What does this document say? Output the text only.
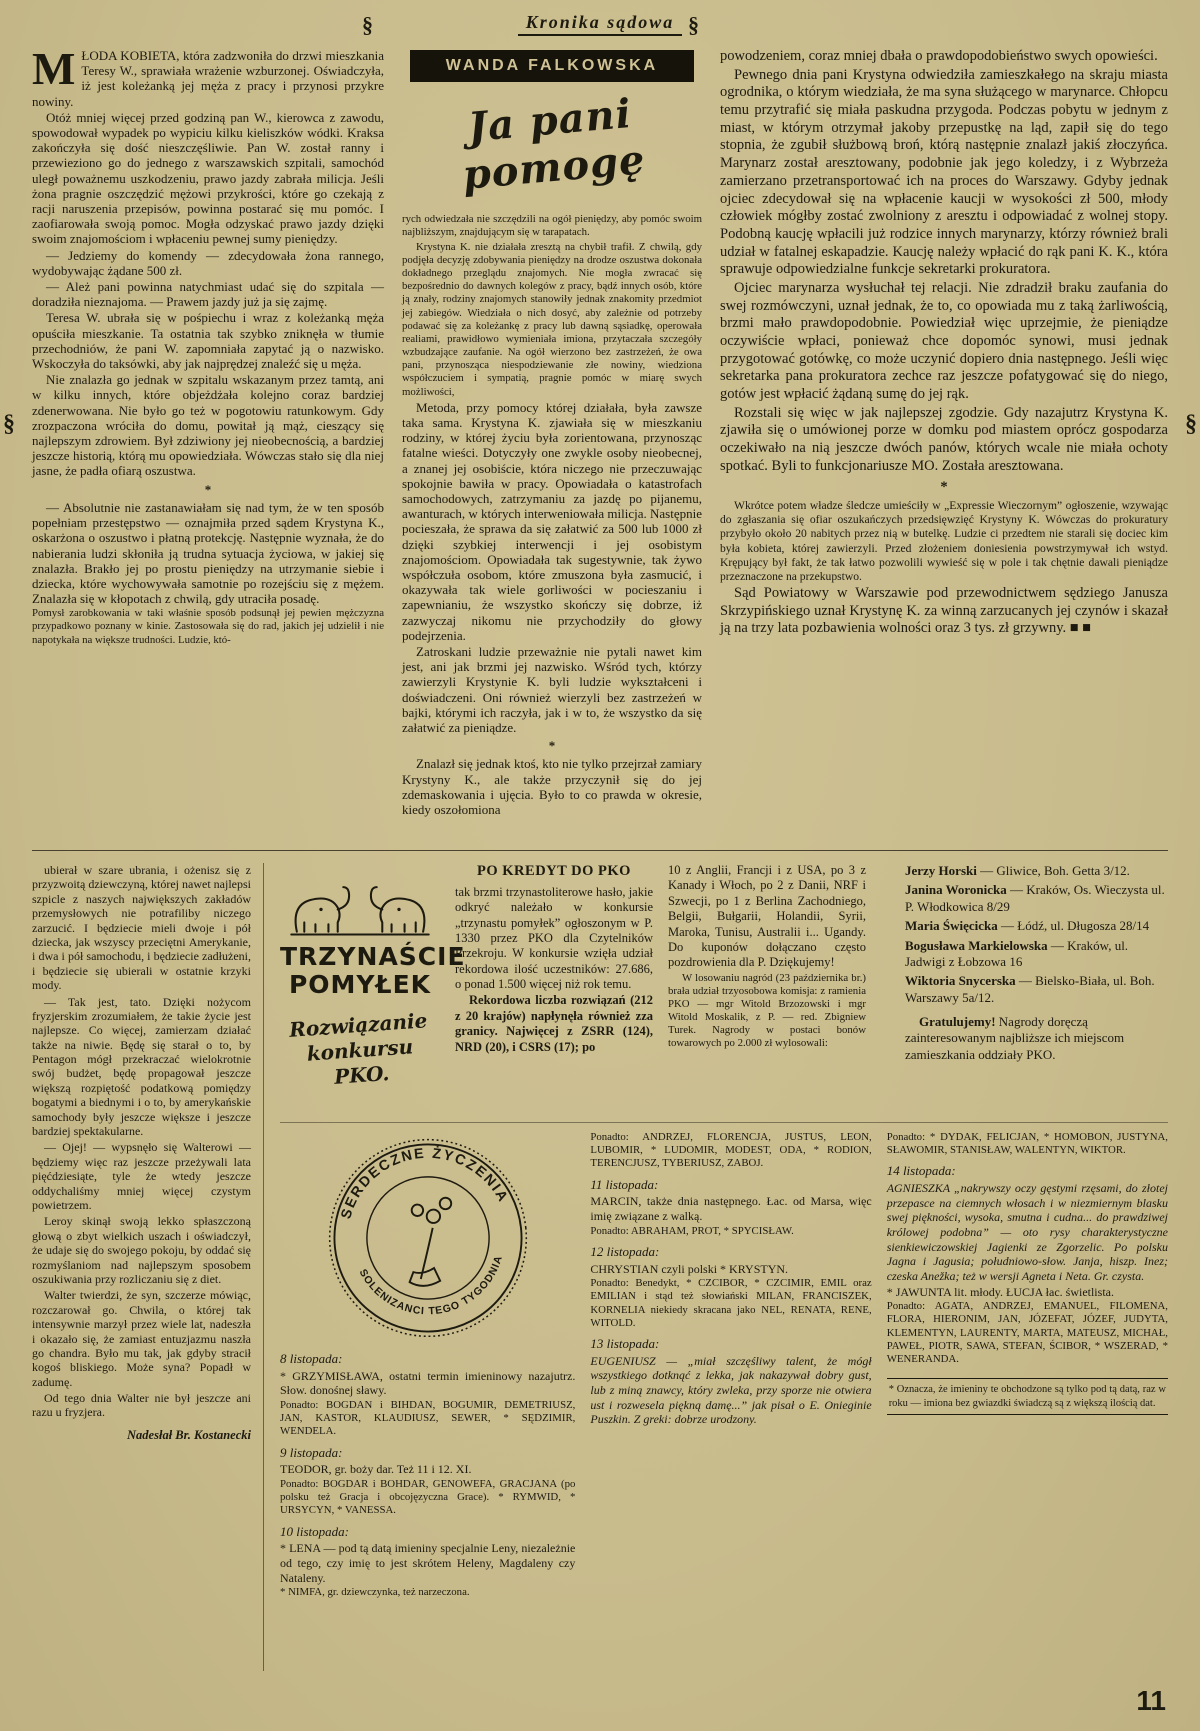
§	Kronika sądowa §
§	§

MŁODA KOBIETA, która zadzwoniła do drzwi mieszkania Teresy W., sprawiała wrażenie wzburzonej. Oświadczyła, iż jest koleżanką jej męża z pracy i przynosi przykre nowiny.

Otóż mniej więcej przed godziną pan W., kierowca z zawodu, spowodował wypadek po wypiciu kilku kieliszków wódki. Kraksa zakończyła się dość nieszczęśliwie. Pan W. został ranny i przewieziono go do jednego z warszawskich szpitali, samochód uległ poważnemu uszkodzeniu, prawo jazdy zabrała milicja. Jeśli żona pragnie oszczędzić mężowi przykrości, które go czekają z racji naruszenia przepisów, powinna postarać się mu pomóc. I zaofiarowała swoją pomoc. Mogła odzyskać prawo jazdy dzięki swoim znajomościom i wpłaceniu pewnej sumy pieniędzy.

— Jedziemy do komendy — zdecydowała żona rannego, wydobywając żądane 500 zł.

— Ależ pani powinna natychmiast udać się do szpitala — doradziła nieznajoma. — Prawem jazdy już ja się zajmę.

Teresa W. ubrała się w pośpiechu i wraz z koleżanką męża opuściła mieszkanie. Ta ostatnia tak szybko zniknęła w tłumie przechodniów, że pani W. zapomniała zapytać ją o nazwisko. Wskoczyła do taksówki, aby jak najprędzej znaleźć się u męża.

Nie znalazła go jednak w szpitalu wskazanym przez tamtą, ani w kilku innych, które objeżdżała kolejno coraz bardziej zdenerwowana. Nie było go też w pogotowiu ratunkowym. Gdy zrozpaczona wróciła do domu, powitał ją mąż, cieszący się najlepszym zdrowiem. Był zdziwiony jej nieobecnością, a bardziej jeszcze historią, którą mu opowiedziała. Wówczas stało się dla niej jasne, że padła ofiarą oszustwa.

*

— Absolutnie nie zastanawiałam się nad tym, że w ten sposób popełniam przestępstwo — oznajmiła przed sądem Krystyna K., oskarżona o oszustwo i płatną protekcję. Następnie wyznała, że do nabierania ludzi skłoniła ją trudna sytuacja życiowa, w jakiej się znalazła. Brakło jej po prostu pieniędzy na utrzymanie siebie i dziecka, które wychowywała samotnie po rozejściu się z mężem. Znalazła się w kłopotach z chwilą, gdy utraciła posadę.

Pomysł zarobkowania w taki właśnie sposób podsunął jej pewien mężczyzna przypadkowo poznany w kinie. Zastosowała się do rad, jakich jej udzielił i nie napotykała na większe trudności. Ludzie, któ-

WANDA FALKOWSKA
Ja pani pomogę

rych odwiedzała nie szczędzili na ogół pieniędzy, aby pomóc swoim najbliższym, znajdującym się w tarapatach.

Krystyna K. nie działała zresztą na chybił trafił. Z chwilą, gdy podjęła decyzję zdobywania pieniędzy na drodze oszustwa dokonała dokładnego przeglądu znajomych. Nie mogła zwracać się bezpośrednio do dawnych kolegów z pracy, bądź innych osób, które ją znały, rodziny znajomych stanowiły jednak znakomity przedmiot jej zabiegów. Wiedziała o nich dosyć, aby zależnie od potrzeby podawać się za koleżankę z pracy lub dawną sąsiadkę, operowała realiami, prawidłowo wymieniała imiona, przytaczała szczegóły wzbudzające zaufanie. Na ogół wierzono bez zastrzeżeń, że owa pani, przynosząca niespodziewanie złe nowiny, wiedziona współczuciem i sympatią, pragnie pomóc w miarę swych możliwości,

Metoda, przy pomocy której działała, była zawsze taka sama. Krystyna K. zjawiała się w mieszkaniu rodziny, w której życiu była zorientowana, przynosząc fatalne wieści. Dotyczyły one zwykle osoby nieobecnej, a znanej jej osobiście, która niczego nie przeczuwając spokojnie bawiła w pracy. Opowiadała o katastrofach samochodowych, zatrzymaniu za jazdę po pijanemu, awanturach, w których interweniowała milicja. Następnie pocieszała, że sprawa da się załatwić za 500 lub 1000 zł dzięki szybkiej interwencji i jej osobistym znajomościom. Opowiadała tak sugestywnie, tak żywo współczuła osobom, które zmuszona była zasmucić, i okazywała tak wiele gorliwości w pocieszaniu i zapewnianiu, że wszystko skończy się dobrze, iż zazwyczaj nikomu nie przychodziły do głowy podejrzenia.

Zatroskani ludzie przeważnie nie pytali nawet kim jest, ani jak brzmi jej nazwisko. Wśród tych, którzy zawierzyli Krystynie K. byli ludzie wykształceni i doświadczeni. Oni również wierzyli bez zastrzeżeń w bajki, którymi ich raczyła, jak i w to, że wszystko da się załatwić za pieniądze.

*

Znalazł się jednak ktoś, kto nie tylko przejrzał zamiary Krystyny K., ale także przyczynił się do jej zdemaskowania i ujęcia. Było to co prawda w okresie, kiedy oszołomiona

powodzeniem, coraz mniej dbała o prawdopodobieństwo swych opowieści.

Pewnego dnia pani Krystyna odwiedziła zamieszkałego na skraju miasta ogrodnika, o którym wiedziała, że ma syna służącego w marynarce. Chłopcu temu przytrafić się miała paskudna przygoda. Podczas pobytu w jednym z miast, w którym otrzymał jakoby przepustkę na ląd, zapił się do tego stopnia, że zgubił służbową broń, którą następnie znalazł jakiś złoczyńca. Marynarz został aresztowany, podobnie jak jego koledzy, i z Wybrzeża zamierzano przetransportować ich na proces do Warszawy. Gdyby jednak ojciec zdecydował się na wpłacenie kaucji w wysokości zł 500, młody człowiek mógłby zostać zwolniony z aresztu i odpowiadać z wolnej stopy. Podobną kaucję wpłacili już rodzice innych marynarzy, którzy również brali udział w fatalnej eskapadzie. Kaucję należy wpłacić do rąk pani K. K., która sprawuje odpowiedzialne funkcje sekretarki prokuratora.

Ojciec marynarza wysłuchał tej relacji. Nie zdradził braku zaufania do swej rozmówczyni, uznał jednak, że to, co opowiada mu z taką żarliwością, brzmi mało prawdopodobnie. Powiedział więc uprzejmie, że pieniądze oczywiście wpłaci, ponieważ chce dopomóc synowi, musi jednak przygotować gotówkę, co może uczynić dopiero dnia następnego. Jeśli więc sekretarka pana prokuratora zechce raz jeszcze pofatygować się do niego, gotów jest wpłacić żądaną sumę do jej rąk.

Rozstali się więc w jak najlepszej zgodzie. Gdy nazajutrz Krystyna K. zjawiła się o umówionej porze w domku pod miastem oprócz gospodarza oczekiwało na nią jeszcze dwóch panów, których wcale nie miała ochoty spotkać. Byli to funkcjonariusze MO. Została aresztowana.

*

Wkrótce potem władze śledcze umieściły w „Expressie Wieczornym” ogłoszenie, wzywając do zgłaszania się ofiar oszukańczych przedsięwzięć Krystyny K. Wówczas do prokuratury przybyło około 20 nabitych przez nią w butelkę. Ludzie ci przedtem nie starali się dociec kim była kobieta, której zawierzyli. Przed złożeniem doniesienia powstrzymywał ich wstyd. Krępujący był fakt, że tak łatwo pozwolili wywieść się w pole i tak chętnie dawali pieniądze przeznaczone na przekupstwo.

Sąd Powiatowy w Warszawie pod przewodnictwem sędziego Janusza Skrzypińskiego uznał Krystynę K. za winną zarzucanych jej czynów i skazał ją na trzy lata pozbawienia wolności oraz 3 tys. zł grzywny. ■ ■

ubierał w szare ubrania, i ożenisz się z przyzwoitą dziewczyną, której nawet najlepsi szpicle z naszych największych zakładów przemysłowych nie potrafiliby niczego zarzucić. I będziecie mieli dwoje i pół dziecka, jak wszyscy przeciętni Amerykanie, i dwa i pół samochodu, i będziecie zadłużeni, i będziecie się ubierali w ostatnie krzyki mody.

— Tak jest, tato. Dzięki nożycom fryzjerskim zrozumiałem, że takie życie jest najlepsze. Co więcej, zamierzam działać także na niwie. Będę się starał o to, by Pentagon mógł przekraczać wielokrotnie swój budżet, będę propagował jeszcze większą rozpiętość podatkową pomiędzy bogatymi a biednymi i o to, by amerykańskie samochody były jeszcze większe i jeszcze bardziej spektakularne.

— Ojej! — wypsnęło się Walterowi — będziemy więc raz jeszcze przeżywali lata pięćdziesiąte, tyle że wtedy jeszcze oddychaliśmy mniej więcej czystym powietrzem.

Leroy skinął swoją lekko spłaszczoną głową o zbyt wielkich uszach i oświadczył, że udaje się do swojego pokoju, by oddać się rozmyślaniom nad najlepszym sposobem oszukiwania przy rozliczaniu się z diet.

Walter twierdzi, że syn, szczerze mówiąc, rozczarował go. Chwila, o której tak intensywnie marzył przez wiele lat, nadeszła i okazało się, że zamiast entuzjazmu naszła go chandra. Było mu tak, jak gdyby stracił kogoś bliskiego. Może syna? Popadł w zadumę.

Od tego dnia Walter nie był jeszcze ani razu u fryzjera.

Nadesłał Br. Kostanecki

TRZYNAŚCIE
POMYŁEK
Rozwiązanie
konkursu
PKO.
PO KREDYT DO PKO

tak brzmi trzynastoliterowe hasło, jakie odkryć należało w konkursie „trzynastu pomyłek” ogłoszonym w P. 1330 przez PKO dla Czytelników Przekroju. W konkursie wzięła udział rekordowa ilość uczestników: 27.686, o ponad 1.500 więcej niż rok temu.

Rekordowa liczba rozwiązań (212 z 20 krajów) napłynęła również zza granicy. Najwięcej z ZSRR (124), NRD (20), i CSRS (17); po

10 z Anglii, Francji i z USA, po 3 z Kanady i Włoch, po 2 z Danii, NRF i Szwecji, po 1 z Berlina Zachodniego, Belgii, Bułgarii, Holandii, Syrii, Maroka, Tunisu, Australii i... Ugandy. Do kuponów dołączano często pozdrowienia dla P. Dziękujemy!

W losowaniu nagród (23 października br.) brała udział trzyosobowa komisja: z ramienia PKO — mgr Witold Brzozowski i mgr Witold Moskalik, z P. — red. Zbigniew Turek. Nagrody w postaci bonów towarowych po 2.000 zł wylosowali:

Jerzy Horski — Gliwice, Boh. Getta 3/12.

Janina Woronicka — Kraków, Os. Wieczysta ul. P. Włodkowica 8/29

Maria Święcicka — Łódź, ul. Długosza 28/14

Bogusława Markielowska — Kraków, ul. Jadwigi z Łobzowa 16

Wiktoria Snycerska — Bielsko-Biała, ul. Boh. Warszawy 5a/12.

Gratulujemy! Nagrody doręczą zainteresowanym najbliższe ich miejscom zamieszkania oddziały PKO.

SERDECZNE ŻYCZENIA
SOLENIZANCI TEGO TYGODNIA

8 listopada:

* GRZYMISŁAWA, ostatni termin imieninowy nazajutrz. Słow. donośnej sławy.

Ponadto: BOGDAN i BIHDAN, BOGUMIR, DEMETRIUSZ, JAN, KASTOR, KLAUDIUSZ, SEWER, * SĘDZIMIR, WENDELA.

9 listopada:

TEODOR, gr. boży dar. Też 11 i 12. XI.

Ponadto: BOGDAR i BOHDAR, GENOWEFA, GRACJANA (po polsku też Gracja i obcojęzyczna Grace). * RYMWID, * URSYCYN, * VANESSA.

10 listopada:

* LENA — pod tą datą imieniny specjalnie Leny, niezależnie od tego, czy imię to jest skrótem Heleny, Magdaleny czy Nataleny.

* NIMFA, gr. dziewczynka, też narzeczona.

Ponadto: ANDRZEJ, FLORENCJA, JUSTUS, LEON, LUBOMIR, * LUDOMIR, MODEST, ODA, * RODION, TERENCJUSZ, TYBERIUSZ, ZABOJ.

11 listopada:

MARCIN, także dnia następnego. Łac. od Marsa, więc imię związane z walką.

Ponadto: ABRAHAM, PROT, * SPYCISŁAW.

12 listopada:

CHRYSTIAN czyli polski * KRYSTYN.

Ponadto: Benedykt, * CZCIBOR, * CZCIMIR, EMIL oraz EMILIAN i stąd też słowiański MILAN, FRANCISZEK, KORNELIA niekiedy skracana jako NEL, RENATA, RENE, WITOLD.

13 listopada:

EUGENIUSZ — „miał szczęśliwy talent, że mógł wszystkiego dotknąć z lekka, jak nakazywał dobry gust, lub z miną znawcy, który zwleka, przy sporze nie otwiera ust i rozwesela piękną damę...” jak pisał o E. Onieginie Puszkin. Z greki: dobrze urodzony.

Ponadto: * DYDAK, FELICJAN, * HOMOBON, JUSTYNA, SŁAWOMIR, STANISŁAW, WALENTYN, WIKTOR.

14 listopada:

AGNIESZKA „nakrywszy oczy gęstymi rzęsami, do złotej przepasce na ciemnych włosach i w niezmiernym blasku swej piękności, wysoka, smutna i cudna... do prawdziwej królowej podobna” — oto rysy charakterystyczne sienkiewiczowskiej Jagienki ze Zgorzelic. Po polsku Jagna i Jagusia; południowo-słow. Janja, hiszp. Inez; czeska Anežka; też w wersji Agneta i Neta. Gr. czysta.

* JAWUNTA lit. młody. ŁUCJA łac. świetlista.

Ponadto: AGATA, ANDRZEJ, EMANUEL, FILOMENA, FLORA, HIERONIM, JAN, JÓZEFAT, JÓZEF, JUDYTA, KLEMENTYN, LAURENTY, MARTA, MATEUSZ, MICHAŁ, PAWEŁ, PIOTR, SAWA, STEFAN, ŚCIBOR, * WSZERAD, * WENERANDA.

* Oznacza, że imieniny te obchodzone są tylko pod tą datą, raz w roku — imiona bez gwiazdki świadczą są z większą ilością dat.
11
